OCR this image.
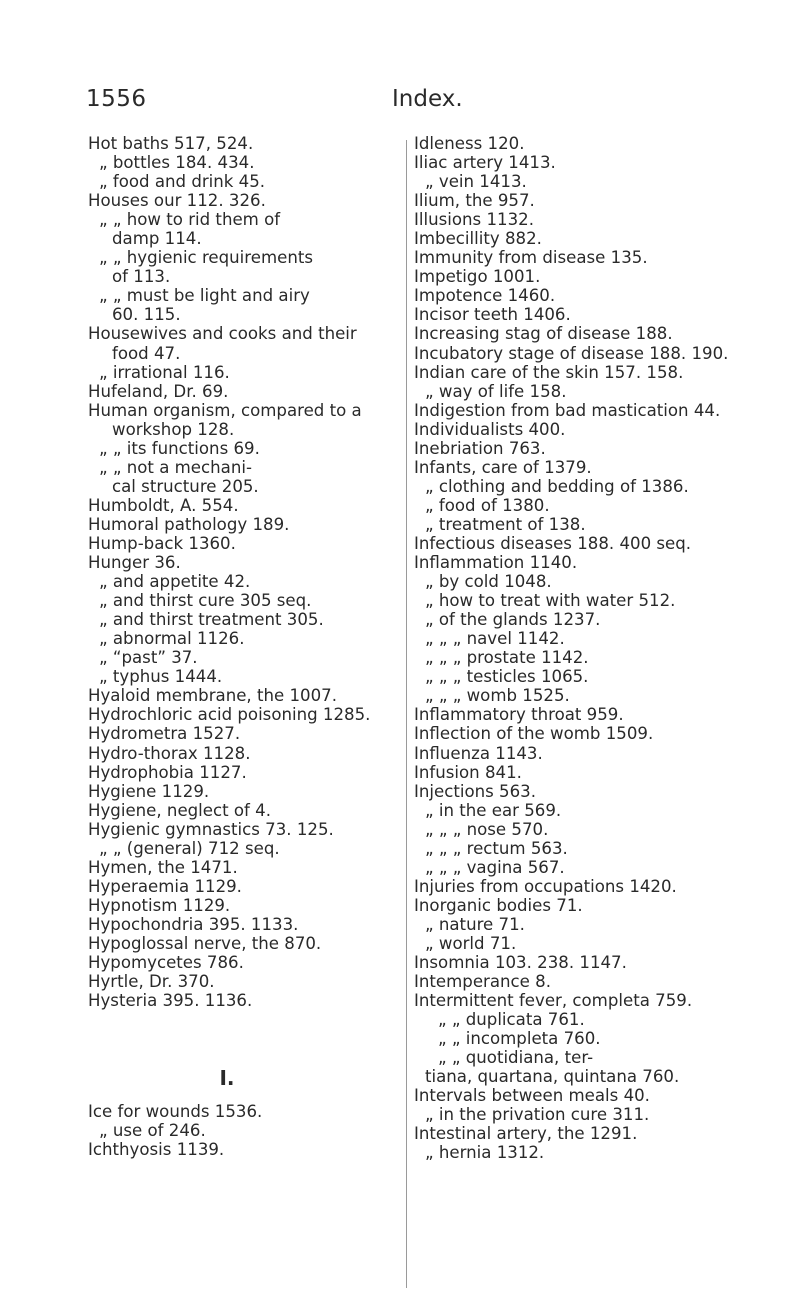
1556	Index.
Hot baths 517, 524.
„ bottles 184. 434.
„ food and drink 45.
Houses our 112. 326.
„ „ how to rid them of
damp 114.
„ „ hygienic requirements
of 113.
„ „ must be light and airy
60. 115.
Housewives and cooks and their
food 47.
„ irrational 116.
Hufeland, Dr. 69.
Human organism, compared to a
workshop 128.
„ „ its functions 69.
„ „ not a mechani-
cal structure 205.
Humboldt, A. 554.
Humoral pathology 189.
Hump-back 1360.
Hunger 36.
„ and appetite 42.
„ and thirst cure 305 seq.
„ and thirst treatment 305.
„ abnormal 1126.
„ “past” 37.
„ typhus 1444.
Hyaloid membrane, the 1007.
Hydrochloric acid poisoning 1285.
Hydrometra 1527.
Hydro-thorax 1128.
Hydrophobia 1127.
Hygiene 1129.
Hygiene, neglect of 4.
Hygienic gymnastics 73. 125.
„ „ (general) 712 seq.
Hymen, the 1471.
Hyperaemia 1129.
Hypnotism 1129.
Hypochondria 395. 1133.
Hypoglossal nerve, the 870.
Hypomycetes 786.
Hyrtle, Dr. 370.
Hysteria 395. 1136.
I.
Ice for wounds 1536.
„ use of 246.
Ichthyosis 1139.
Idleness 120.
Iliac artery 1413.
„ vein 1413.
Ilium, the 957.
Illusions 1132.
Imbecillity 882.
Immunity from disease 135.
Impetigo 1001.
Impotence 1460.
Incisor teeth 1406.
Increasing stag of disease 188.
Incubatory stage of disease 188. 190.
Indian care of the skin 157. 158.
„ way of life 158.
Indigestion from bad mastication 44.
Individualists 400.
Inebriation 763.
Infants, care of 1379.
„ clothing and bedding of 1386.
„ food of 1380.
„ treatment of 138.
Infectious diseases 188. 400 seq.
Inflammation 1140.
„ by cold 1048.
„ how to treat with water 512.
„ of the glands 1237.
„ „ „ navel 1142.
„ „ „ prostate 1142.
„ „ „ testicles 1065.
„ „ „ womb 1525.
Inflammatory throat 959.
Inflection of the womb 1509.
Influenza 1143.
Infusion 841.
Injections 563.
„ in the ear 569.
„ „ „ nose 570.
„ „ „ rectum 563.
„ „ „ vagina 567.
Injuries from occupations 1420.
Inorganic bodies 71.
„ nature 71.
„ world 71.
Insomnia 103. 238. 1147.
Intemperance 8.
Intermittent fever, completa 759.
„ „ duplicata 761.
„ „ incompleta 760.
„ „ quotidiana, ter-
tiana, quartana, quintana 760.
Intervals between meals 40.
„ in the privation cure 311.
Intestinal artery, the 1291.
„ hernia 1312.
